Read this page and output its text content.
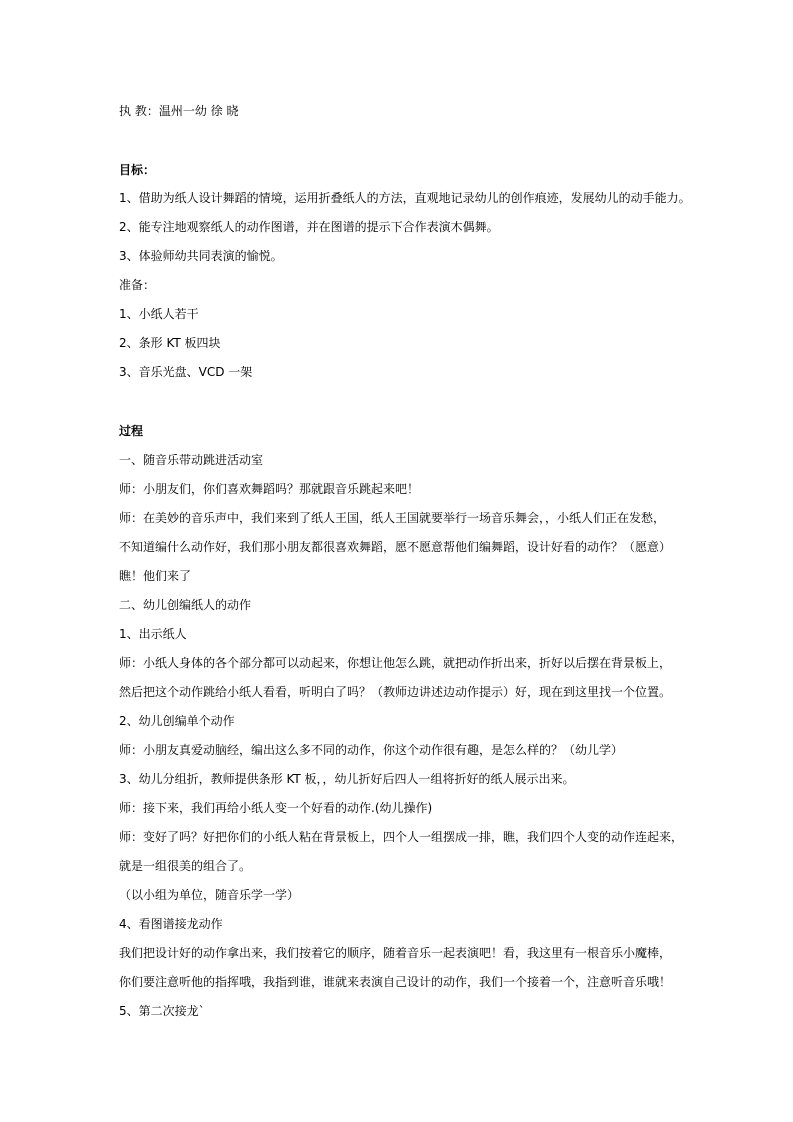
执 教：温州一幼 徐 晓
目标：
1、借助为纸人设计舞蹈的情境，运用折叠纸人的方法，直观地记录幼儿的创作痕迹，发展幼儿的动手能力。
2、能专注地观察纸人的动作图谱，并在图谱的提示下合作表演木偶舞。
3、体验师幼共同表演的愉悦。
准备：
1、小纸人若干
2、条形 KT 板四块
3、音乐光盘、VCD 一架
过程
一、随音乐带动跳进活动室
师：小朋友们，你们喜欢舞蹈吗？那就跟音乐跳起来吧！
师：在美妙的音乐声中，我们来到了纸人王国，纸人王国就要举行一场音乐舞会，，小纸人们正在发愁，
不知道编什么动作好，我们那小朋友都很喜欢舞蹈，愿不愿意帮他们编舞蹈，设计好看的动作？（愿意）
瞧！他们来了
二、幼儿创编纸人的动作
1、出示纸人
师：小纸人身体的各个部分都可以动起来，你想让他怎么跳，就把动作折出来，折好以后摆在背景板上，
然后把这个动作跳给小纸人看看，听明白了吗？（教师边讲述边动作提示）好，现在到这里找一个位置。
2、幼儿创编单个动作
师：小朋友真爱动脑经，编出这么多不同的动作，你这个动作很有趣，是怎么样的？（幼儿学）
3、幼儿分组折，教师提供条形 KT 板，，幼儿折好后四人一组将折好的纸人展示出来。
师：接下来，我们再给小纸人变一个好看的动作.(幼儿操作)
师：变好了吗？好把你们的小纸人粘在背景板上，四个人一组摆成一排，瞧，我们四个人变的动作连起来，
就是一组很美的组合了。
（以小组为单位，随音乐学一学）
4、看图谱接龙动作
我们把设计好的动作拿出来，我们按着它的顺序，随着音乐一起表演吧！看，我这里有一根音乐小魔棒，
你们要注意听他的指挥哦，我指到谁，谁就来表演自己设计的动作，我们一个接着一个，注意听音乐哦！
5、第二次接龙`
